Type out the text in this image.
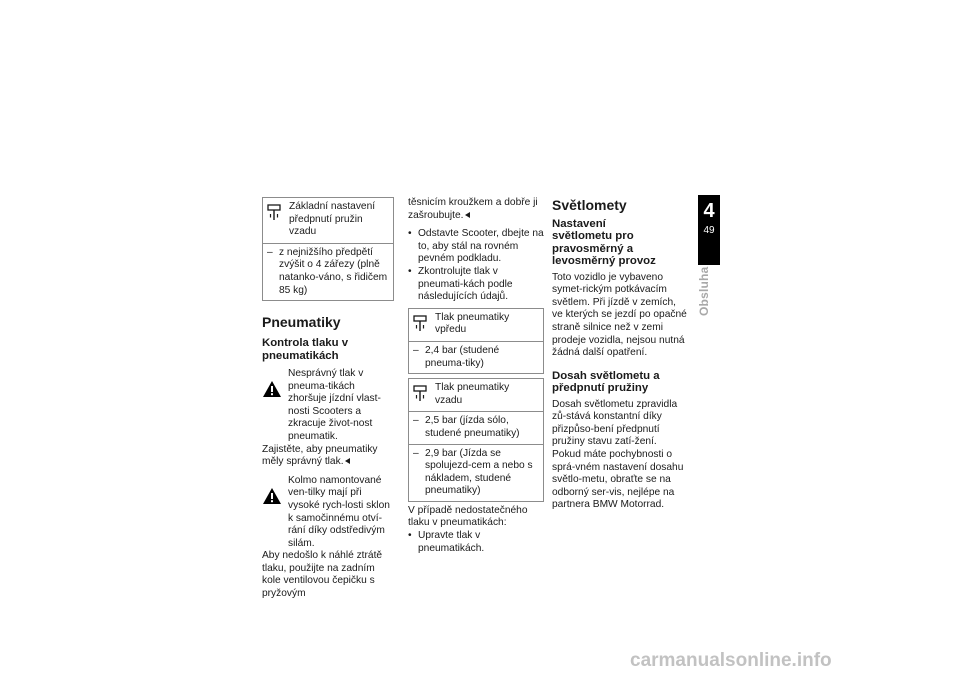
Základní nastavení předpnutí pružin vzadu
– z nejnižšího předpětí zvýšit o 4 zářezy (plně natanko-váno, s řidičem 85 kg)
Pneumatiky
Kontrola tlaku v pneumatikách

Nesprávný tlak v pneuma-tikách zhoršuje jízdní vlast-nosti Scooters a zkracuje život-nost pneumatik.

Zajistěte, aby pneumatiky měly správný tlak.

Kolmo namontované ven-tilky mají při vysoké rych-losti sklon k samočinnému otví-rání díky odstředivým silám.

Aby nedošlo k náhlé ztrátě tlaku, použijte na zadním kole ventilovou čepičku s pryžovým

těsnicím kroužkem a dobře ji zašroubujte.

• Odstavte Scooter, dbejte na to, aby stál na rovném pevném podkladu.
• Zkontrolujte tlak v pneumati-kách podle následujících údajů.
Tlak pneumatiky vpředu
– 2,4 bar (studené pneuma-tiky)
Tlak pneumatiky vzadu
– 2,5 bar (jízda sólo, studené pneumatiky)
– 2,9 bar (Jízda se spolujezd-cem a nebo s nákladem, studené pneumatiky)

V případě nedostatečného tlaku v pneumatikách:

• Upravte tlak v pneumatikách.
Světlomety
Nastavení světlometu pro pravosměrný a levosměrný provoz

Toto vozidlo je vybaveno symet-rickým potkávacím světlem. Při jízdě v zemích, ve kterých se jezdí po opačné straně silnice než v zemi prodeje vozidla, nejsou nutná žádná další opatření.

Dosah světlometu a předpnutí pružiny

Dosah světlometu zpravidla zů-stává konstantní díky přizpůso-bení předpnutí pružiny stavu zatí-žení.

Pokud máte pochybnosti o sprá-vném nastavení dosahu světlo-metu, obraťte se na odborný ser-vis, nejlépe na partnera BMW Motorrad.

4
49
Obsluha
carmanualsonline.info
